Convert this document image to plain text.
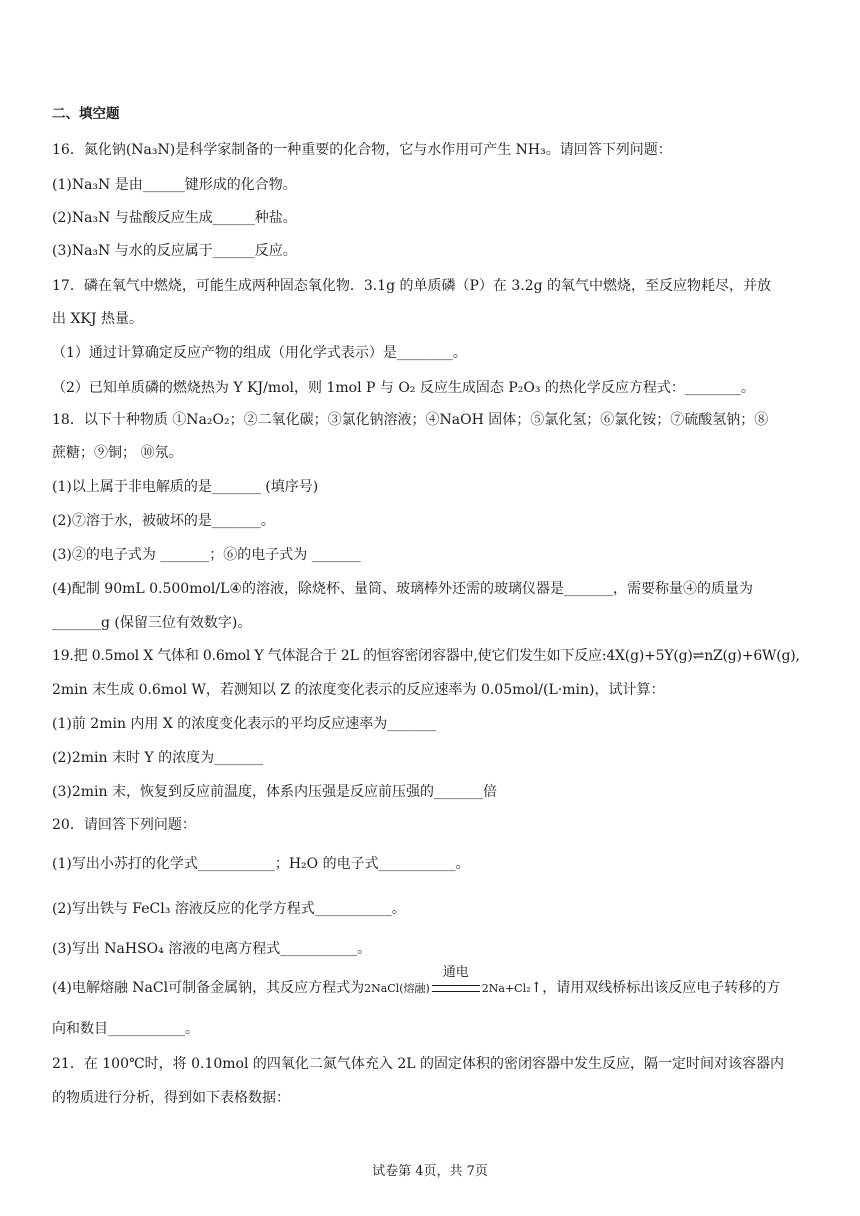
二、填空题
16．氮化钠(Na₃N)是科学家制备的一种重要的化合物，它与水作用可产生 NH₃。请回答下列问题：
(1)Na₃N 是由______键形成的化合物。
(2)Na₃N 与盐酸反应生成______种盐。
(3)Na₃N 与水的反应属于______反应。
17．磷在氧气中燃烧，可能生成两种固态氧化物．3.1g 的单质磷（P）在 3.2g 的氧气中燃烧，至反应物耗尽，并放
出 XKJ 热量。
（1）通过计算确定反应产物的组成（用化学式表示）是________。
（2）已知单质磷的燃烧热为 Y KJ/mol，则 1mol P 与 O₂ 反应生成固态 P₂O₃ 的热化学反应方程式：________。
18．以下十种物质 ①Na₂O₂；②二氧化碳；③氯化钠溶液；④NaOH 固体；⑤氯化氢；⑥氯化铵；⑦硫酸氢钠；⑧
蔗糖；⑨铜； ⑩氖。
(1)以上属于非电解质的是_______ (填序号)
(2)⑦溶于水，被破坏的是_______。
(3)②的电子式为 _______；⑥的电子式为 _______
(4)配制 90mL 0.500mol/L④的溶液，除烧杯、量筒、玻璃棒外还需的玻璃仪器是_______，需要称量④的质量为
_______g (保留三位有效数字)。
19.把 0.5mol X 气体和 0.6mol Y 气体混合于 2L 的恒容密闭容器中,使它们发生如下反应:4X(g)+5Y(g)⇌nZ(g)+6W(g),
2min 末生成 0.6mol W，若测知以 Z 的浓度变化表示的反应速率为 0.05mol/(L·min)，试计算：
(1)前 2min 内用 X 的浓度变化表示的平均反应速率为_______
(2)2min 末时 Y 的浓度为_______
(3)2min 末，恢复到反应前温度，体系内压强是反应前压强的_______倍
20．请回答下列问题：
(1)写出小苏打的化学式___________；H₂O 的电子式___________。
(2)写出铁与 FeCl₃ 溶液反应的化学方程式___________。
(3)写出 NaHSO₄ 溶液的电离方程式___________。
(4)电解熔融 NaCl可制备金属钠，其反应方程式为2NaCl(熔融)
通电
2Na+Cl₂↑，请用双线桥标出该反应电子转移的方
向和数目___________。
21．在 100℃时，将 0.10mol 的四氧化二氮气体充入 2L 的固定体积的密闭容器中发生反应，隔一定时间对该容器内
的物质进行分析，得到如下表格数据：
试卷第 4页，共 7页
